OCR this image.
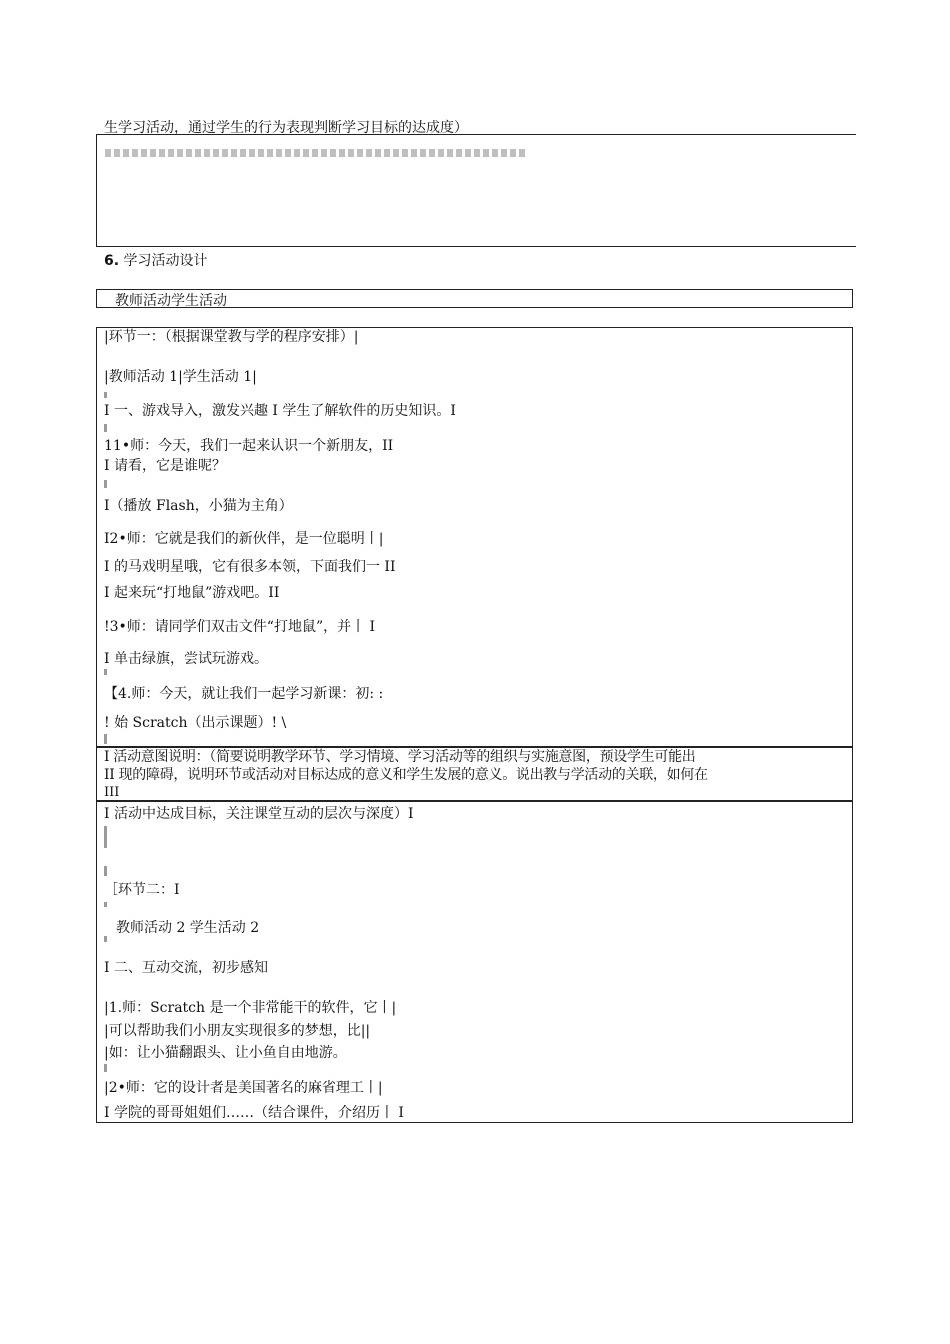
生学习活动，通过学生的行为表现判断学习目标的达成度）
6. 学习活动设计
教师活动学生活动
|环节一：（根据课堂教与学的程序安排）|
|教师活动 1|学生活动 1|
I 一、游戏导入，激发兴趣 I 学生了解软件的历史知识。I
11•师：今天，我们一起来认识一个新朋友，II
I 请看，它是谁呢？
I（播放 Flash，小猫为主角）
I2•师：它就是我们的新伙伴，是一位聪明丨|
I 的马戏明星哦，它有很多本领，下面我们一 II
I 起来玩“打地鼠”游戏吧。II
!3•师：请同学们双击文件“打地鼠”，并丨 I
I 单击绿旗，尝试玩游戏。
【4.师：今天，就让我们一起学习新课：初: :
! 始 Scratch（出示课题）! \
I 活动意图说明：（简要说明教学环节、学习情境、学习活动等的组织与实施意图，预设学生可能出
II 现的障碍，说明环节或活动对目标达成的意义和学生发展的意义。说出教与学活动的关联，如何在
III
I 活动中达成目标，关注课堂互动的层次与深度）I
［环节二：I
教师活动 2 学生活动 2
I 二、互动交流，初步感知
|1.师：Scratch 是一个非常能干的软件，它丨|
|可以帮助我们小朋友实现很多的梦想，比||
|如：让小猫翻跟头、让小鱼自由地游。
|2•师：它的设计者是美国著名的麻省理工丨|
I 学院的哥哥姐姐们……（结合课件，介绍历丨 I
